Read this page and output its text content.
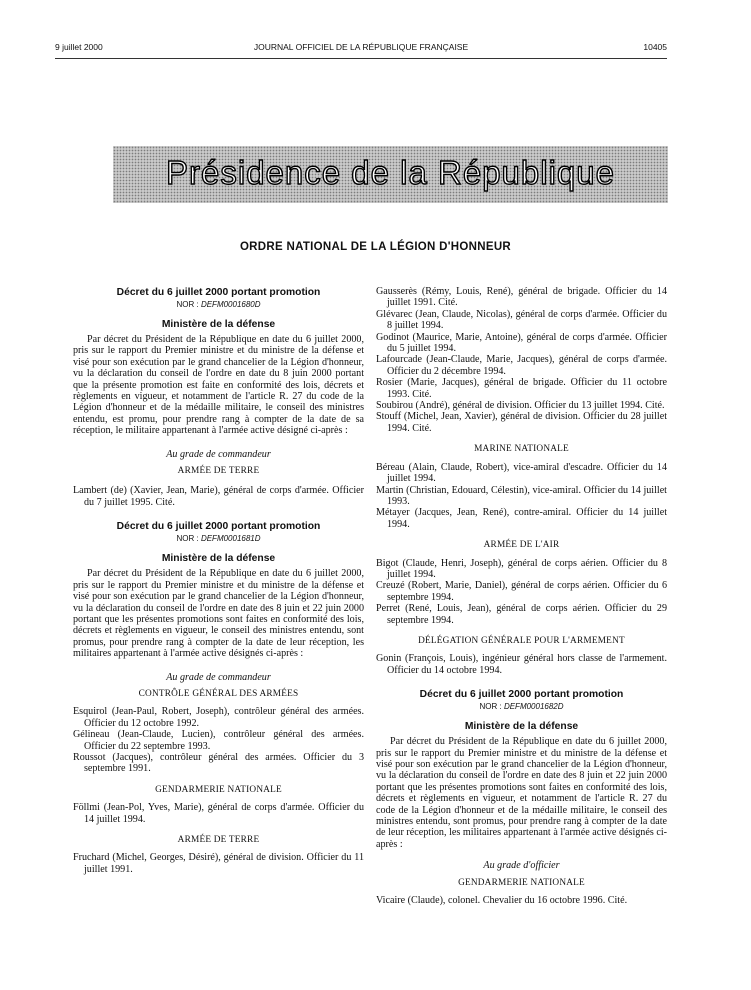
9 juillet 2000	JOURNAL OFFICIEL DE LA RÉPUBLIQUE FRANÇAISE	10405
Présidence de la République
ORDRE NATIONAL DE LA LÉGION D'HONNEUR
Décret du 6 juillet 2000 portant promotion
NOR : DEFM0001680D
Ministère de la défense
Par décret du Président de la République en date du 6 juillet 2000, pris sur le rapport du Premier ministre et du ministre de la défense et visé pour son exécution par le grand chancelier de la Légion d'honneur, vu la déclaration du conseil de l'ordre en date du 8 juin 2000 portant que la présente promotion est faite en conformité des lois, décrets et règlements en vigueur, et notamment de l'article R. 27 du code de la Légion d'honneur et de la médaille militaire, le conseil des ministres entendu, est promu, pour prendre rang à compter de la date de sa réception, le militaire appartenant à l'armée active désigné ci-après :
Au grade de commandeur
ARMÉE DE TERRE
Lambert (de) (Xavier, Jean, Marie), général de corps d'armée. Officier du 7 juillet 1995. Cité.
Décret du 6 juillet 2000 portant promotion
NOR : DEFM0001681D
Ministère de la défense
Par décret du Président de la République en date du 6 juillet 2000, pris sur le rapport du Premier ministre et du ministre de la défense et visé pour son exécution par le grand chancelier de la Légion d'honneur, vu la déclaration du conseil de l'ordre en date des 8 juin et 22 juin 2000 portant que les présentes promotions sont faites en conformité des lois, décrets et règlements en vigueur, le conseil des ministres entendu, sont promus, pour prendre rang à compter de la date de leur réception, les militaires appartenant à l'armée active désignés ci-après :
Au grade de commandeur
CONTRÔLE GÉNÉRAL DES ARMÉES
Esquirol (Jean-Paul, Robert, Joseph), contrôleur général des armées. Officier du 12 octobre 1992.
Gélineau (Jean-Claude, Lucien), contrôleur général des armées. Officier du 22 septembre 1993.
Roussot (Jacques), contrôleur général des armées. Officier du 3 septembre 1991.
GENDARMERIE NATIONALE
Föllmi (Jean-Pol, Yves, Marie), général de corps d'armée. Officier du 14 juillet 1994.
ARMÉE DE TERRE
Fruchard (Michel, Georges, Désiré), général de division. Officier du 11 juillet 1991.
Gausserès (Rémy, Louis, René), général de brigade. Officier du 14 juillet 1991. Cité.
Glévarec (Jean, Claude, Nicolas), général de corps d'armée. Officier du 8 juillet 1994.
Godinot (Maurice, Marie, Antoine), général de corps d'armée. Officier du 5 juillet 1994.
Lafourcade (Jean-Claude, Marie, Jacques), général de corps d'armée. Officier du 2 décembre 1994.
Rosier (Marie, Jacques), général de brigade. Officier du 11 octobre 1993. Cité.
Soubirou (André), général de division. Officier du 13 juillet 1994. Cité.
Stouff (Michel, Jean, Xavier), général de division. Officier du 28 juillet 1994. Cité.
MARINE NATIONALE
Béreau (Alain, Claude, Robert), vice-amiral d'escadre. Officier du 14 juillet 1994.
Martin (Christian, Edouard, Célestin), vice-amiral. Officier du 14 juillet 1993.
Métayer (Jacques, Jean, René), contre-amiral. Officier du 14 juillet 1994.
ARMÉE DE L'AIR
Bigot (Claude, Henri, Joseph), général de corps aérien. Officier du 8 juillet 1994.
Creuzé (Robert, Marie, Daniel), général de corps aérien. Officier du 6 septembre 1994.
Perret (René, Louis, Jean), général de corps aérien. Officier du 29 septembre 1994.
DÉLÉGATION GÉNÉRALE POUR L'ARMEMENT
Gonin (François, Louis), ingénieur général hors classe de l'armement. Officier du 14 octobre 1994.
Décret du 6 juillet 2000 portant promotion
NOR : DEFM0001682D
Ministère de la défense
Par décret du Président de la République en date du 6 juillet 2000, pris sur le rapport du Premier ministre et du ministre de la défense et visé pour son exécution par le grand chancelier de la Légion d'honneur, vu la déclaration du conseil de l'ordre en date des 8 juin et 22 juin 2000 portant que les présentes promotions sont faites en conformité des lois, décrets et règlements en vigueur, et notamment de l'article R. 27 du code de la Légion d'honneur et de la médaille militaire, le conseil des ministres entendu, sont promus, pour prendre rang à compter de la date de leur réception, les militaires appartenant à l'armée active désignés ci-après :
Au grade d'officier
GENDARMERIE NATIONALE
Vicaire (Claude), colonel. Chevalier du 16 octobre 1996. Cité.
